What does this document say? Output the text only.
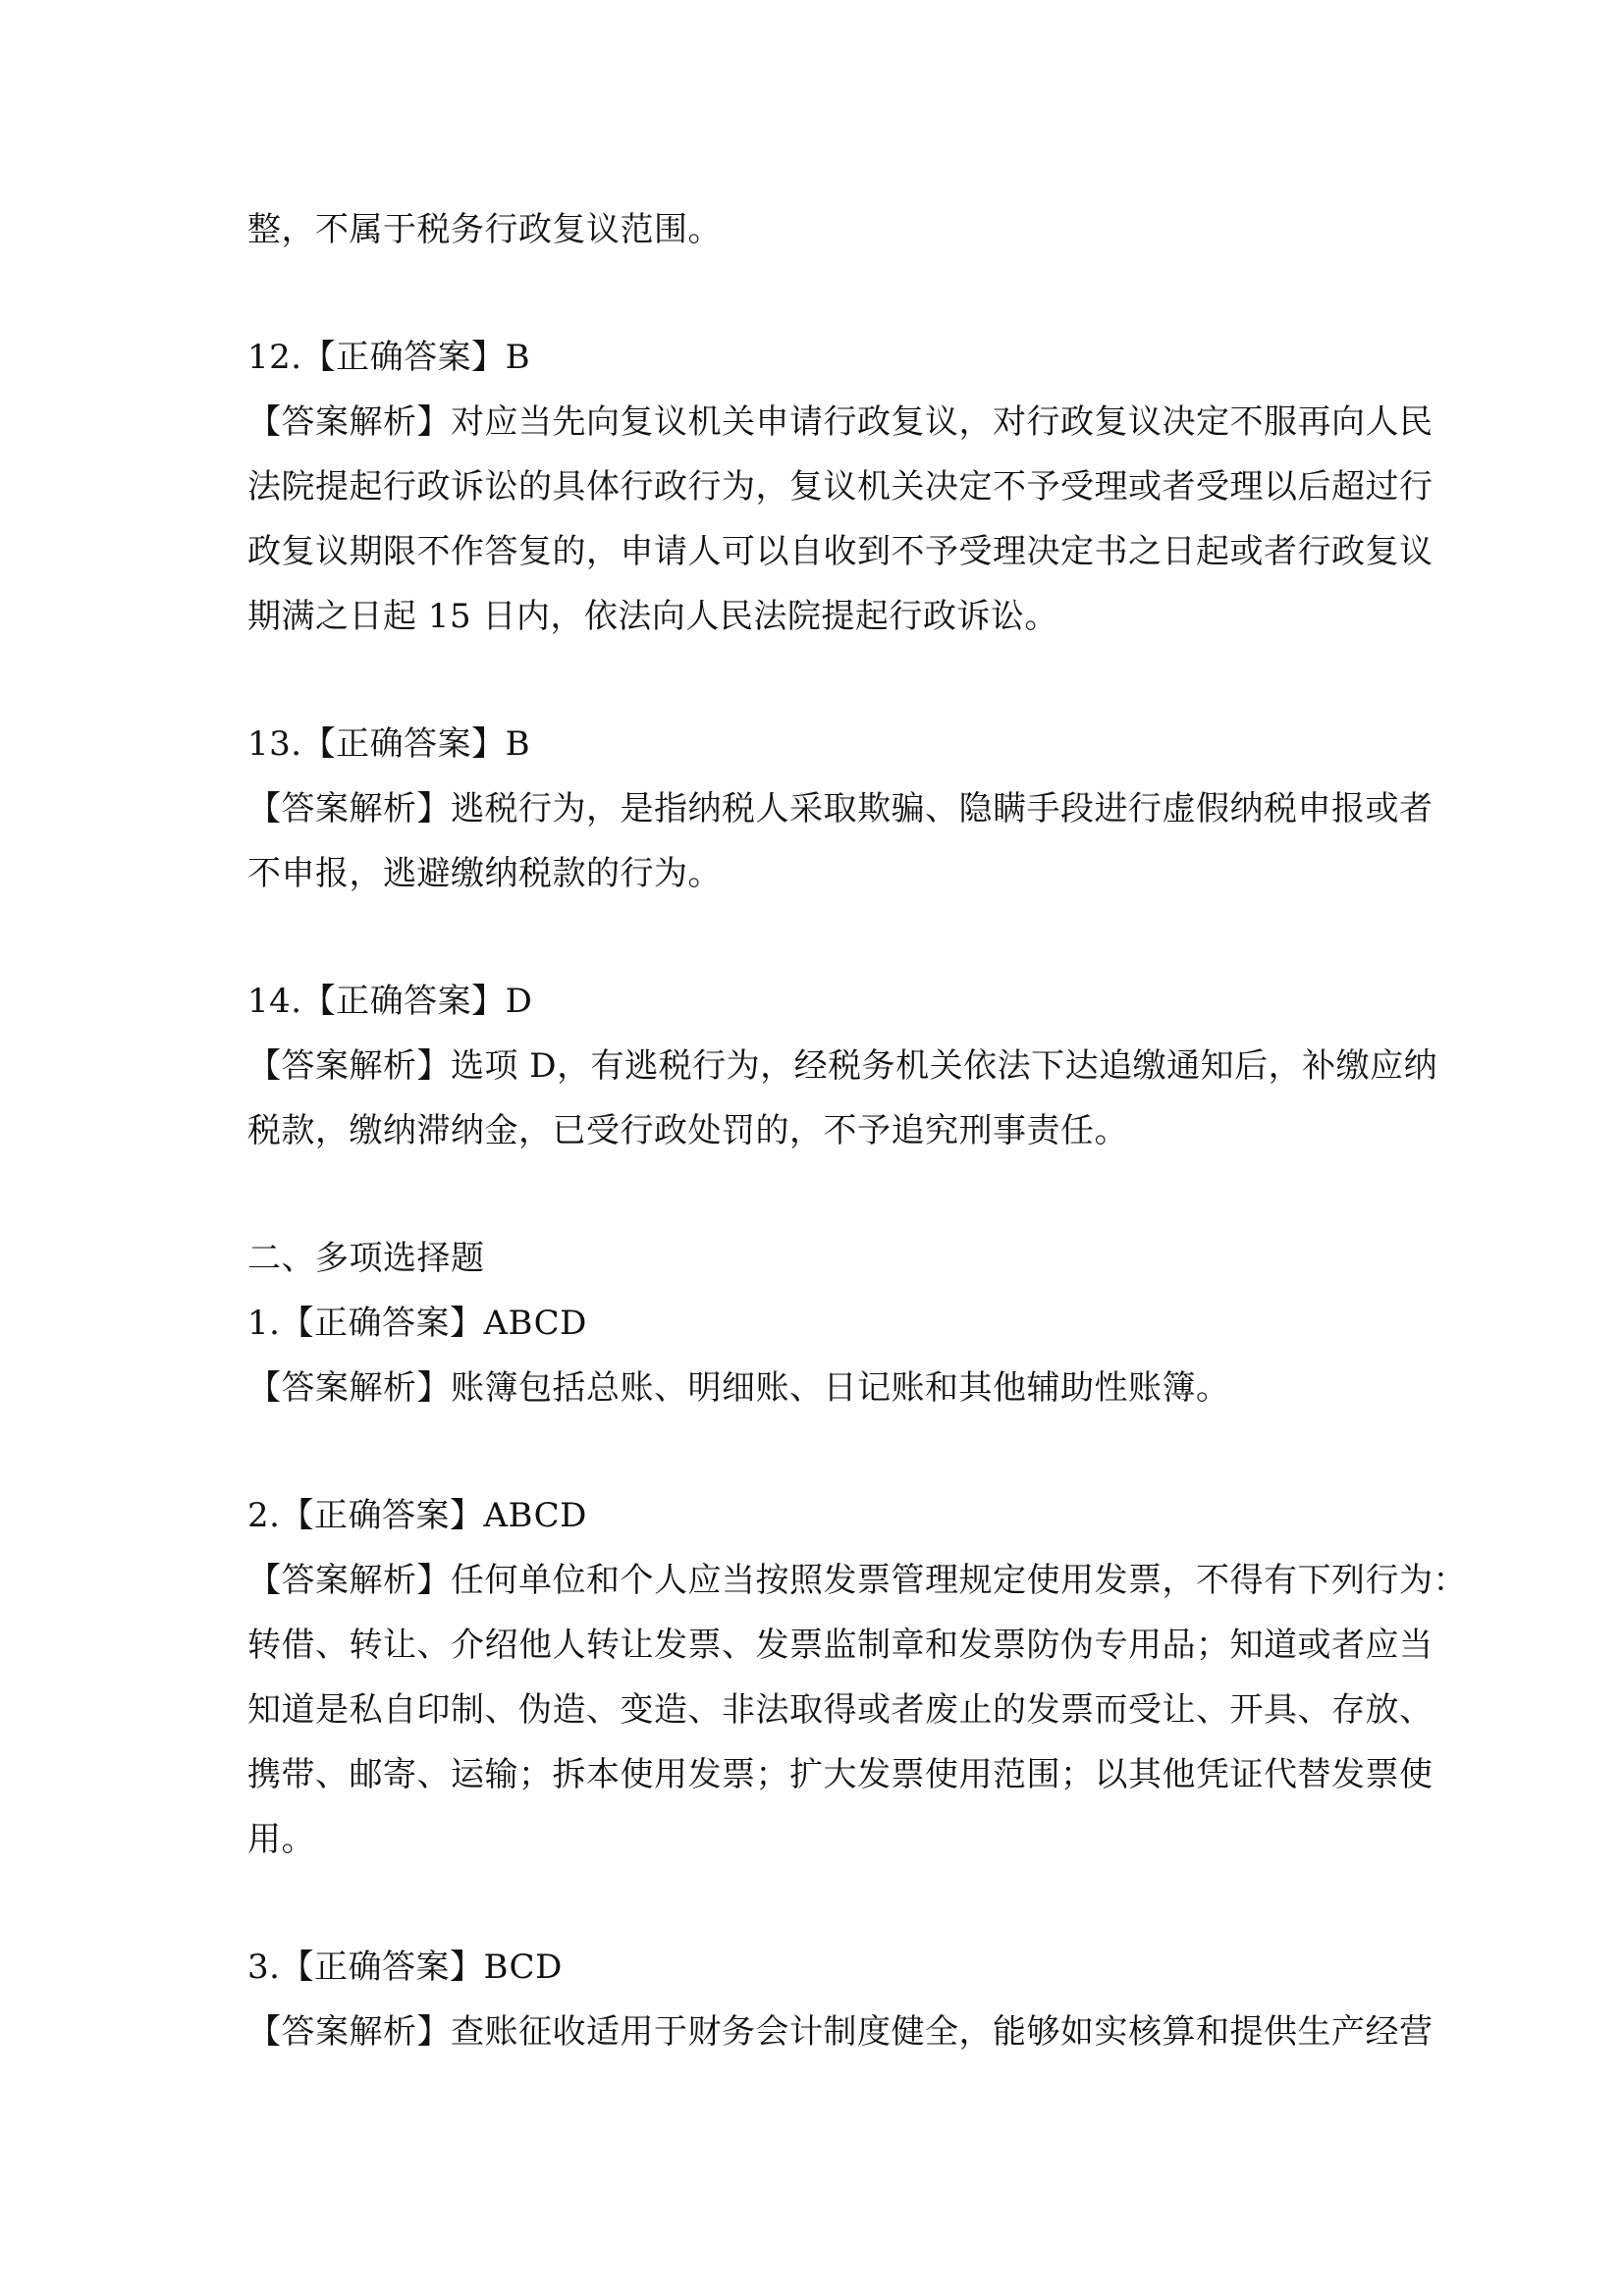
整，不属于税务行政复议范围。
12.【正确答案】B
【答案解析】对应当先向复议机关申请行政复议，对行政复议决定不服再向人民
法院提起行政诉讼的具体行政行为，复议机关决定不予受理或者受理以后超过行
政复议期限不作答复的，申请人可以自收到不予受理决定书之日起或者行政复议
期满之日起 15 日内，依法向人民法院提起行政诉讼。
13.【正确答案】B
【答案解析】逃税行为，是指纳税人采取欺骗、隐瞒手段进行虚假纳税申报或者
不申报，逃避缴纳税款的行为。
14.【正确答案】D
【答案解析】选项 D，有逃税行为，经税务机关依法下达追缴通知后，补缴应纳
税款，缴纳滞纳金，已受行政处罚的，不予追究刑事责任。
二、多项选择题
1.【正确答案】ABCD
【答案解析】账簿包括总账、明细账、日记账和其他辅助性账簿。
2.【正确答案】ABCD
【答案解析】任何单位和个人应当按照发票管理规定使用发票，不得有下列行为：
转借、转让、介绍他人转让发票、发票监制章和发票防伪专用品；知道或者应当
知道是私自印制、伪造、变造、非法取得或者废止的发票而受让、开具、存放、
携带、邮寄、运输；拆本使用发票；扩大发票使用范围；以其他凭证代替发票使
用。
3.【正确答案】BCD
【答案解析】查账征收适用于财务会计制度健全，能够如实核算和提供生产经营
